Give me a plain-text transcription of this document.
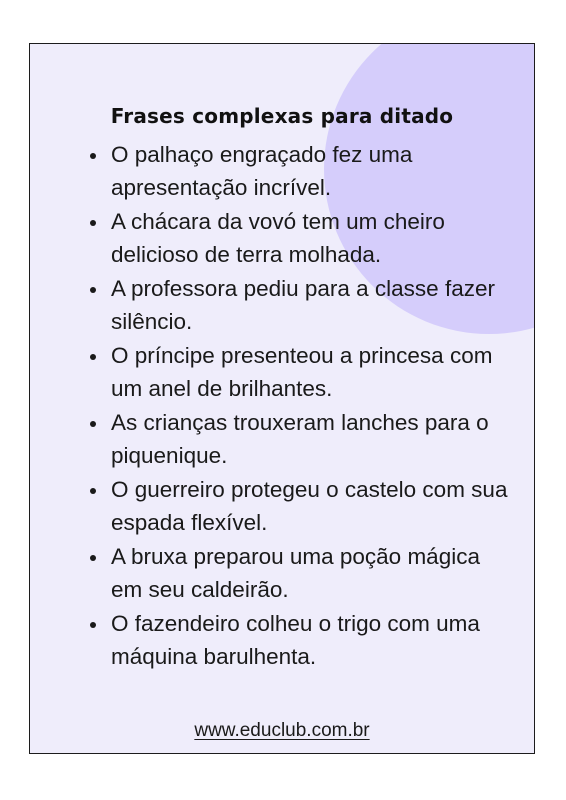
Frases complexas para ditado
O palhaço engraçado fez uma apresentação incrível.
A chácara da vovó tem um cheiro delicioso de terra molhada.
A professora pediu para a classe fazer silêncio.
O príncipe presenteou a princesa com um anel de brilhantes.
As crianças trouxeram lanches para o piquenique.
O guerreiro protegeu o castelo com sua espada flexível.
A bruxa preparou uma poção mágica em seu caldeirão.
O fazendeiro colheu o trigo com uma máquina barulhenta.
www.educlub.com.br
